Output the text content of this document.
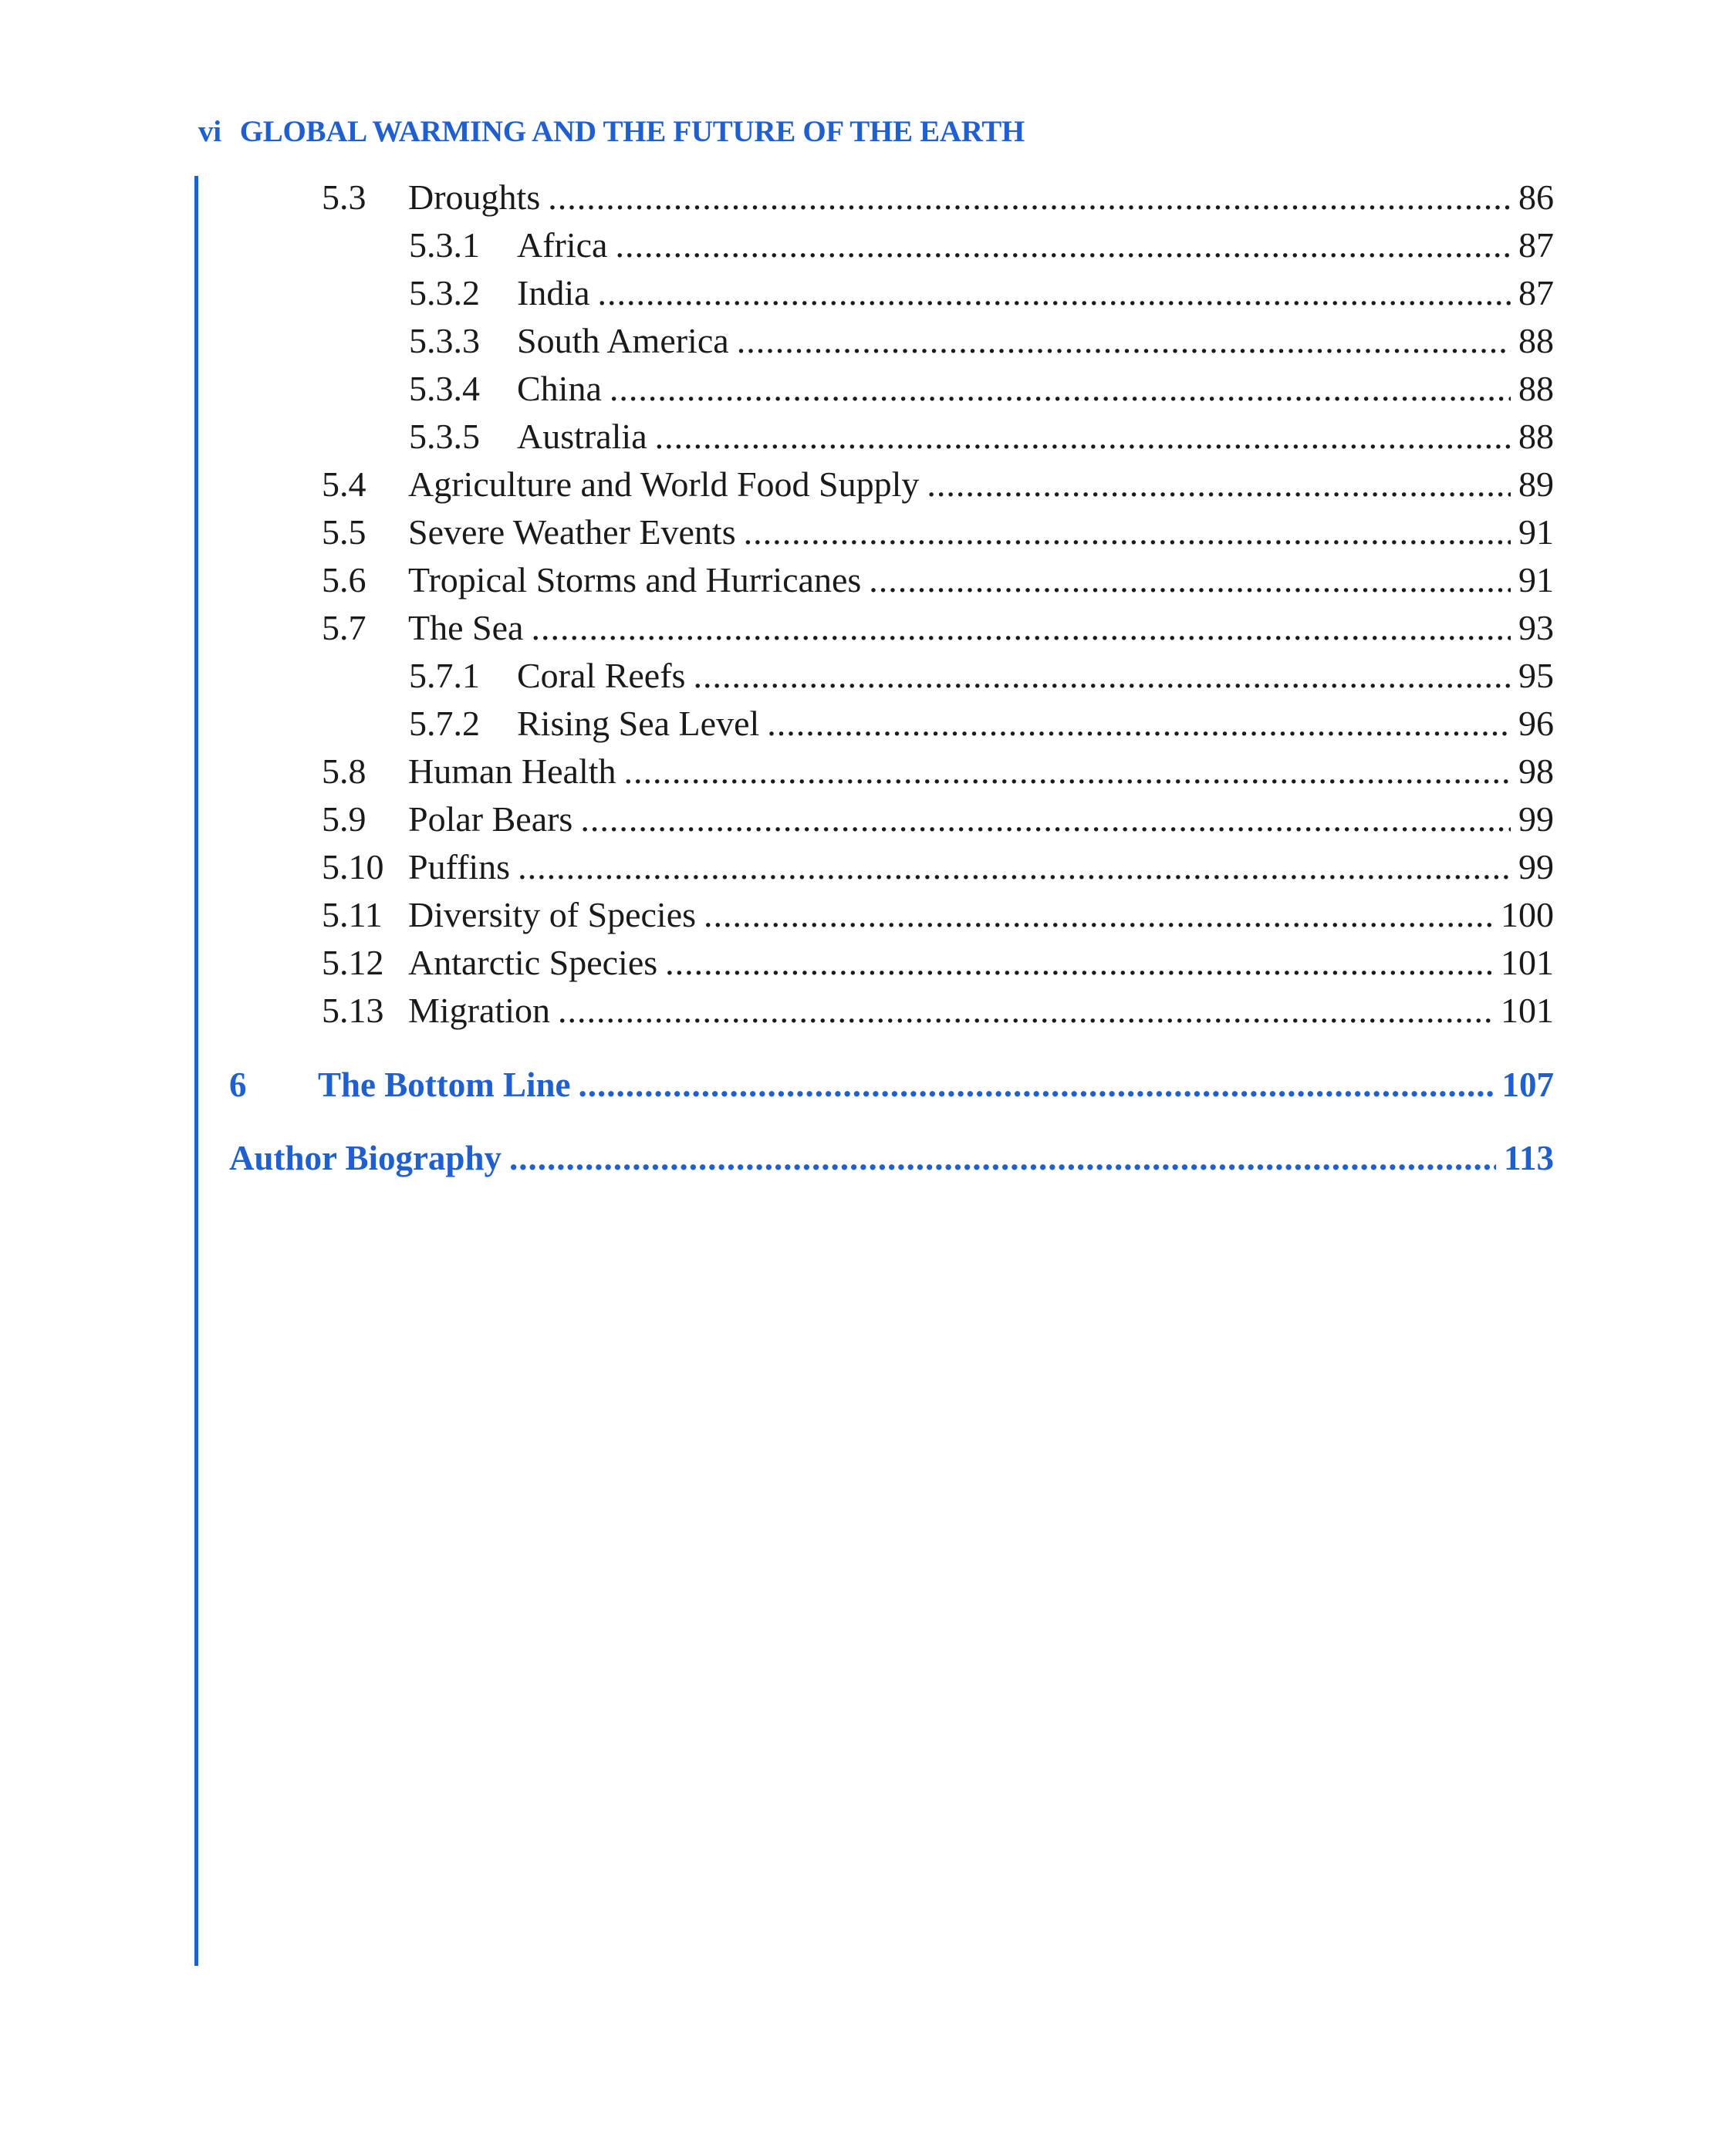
vi GLOBAL WARMING AND THE FUTURE OF THE EARTH
5.3	Droughts .....	86
5.3.1	Africa .....	87
5.3.2	India .....	87
5.3.3	South America .....	88
5.3.4	China .....	88
5.3.5	Australia .....	88
5.4	Agriculture and World Food Supply .....	89
5.5	Severe Weather Events .....	91
5.6	Tropical Storms and Hurricanes .....	91
5.7	The Sea .....	93
5.7.1	Coral Reefs .....	95
5.7.2	Rising Sea Level .....	96
5.8	Human Health .....	98
5.9	Polar Bears .....	99
5.10 Puffins .....	99
5.11 Diversity of Species .....	100
5.12 Antarctic Species .....	101
5.13 Migration .....	101
6	The Bottom Line .....	107
Author Biography .....	113
